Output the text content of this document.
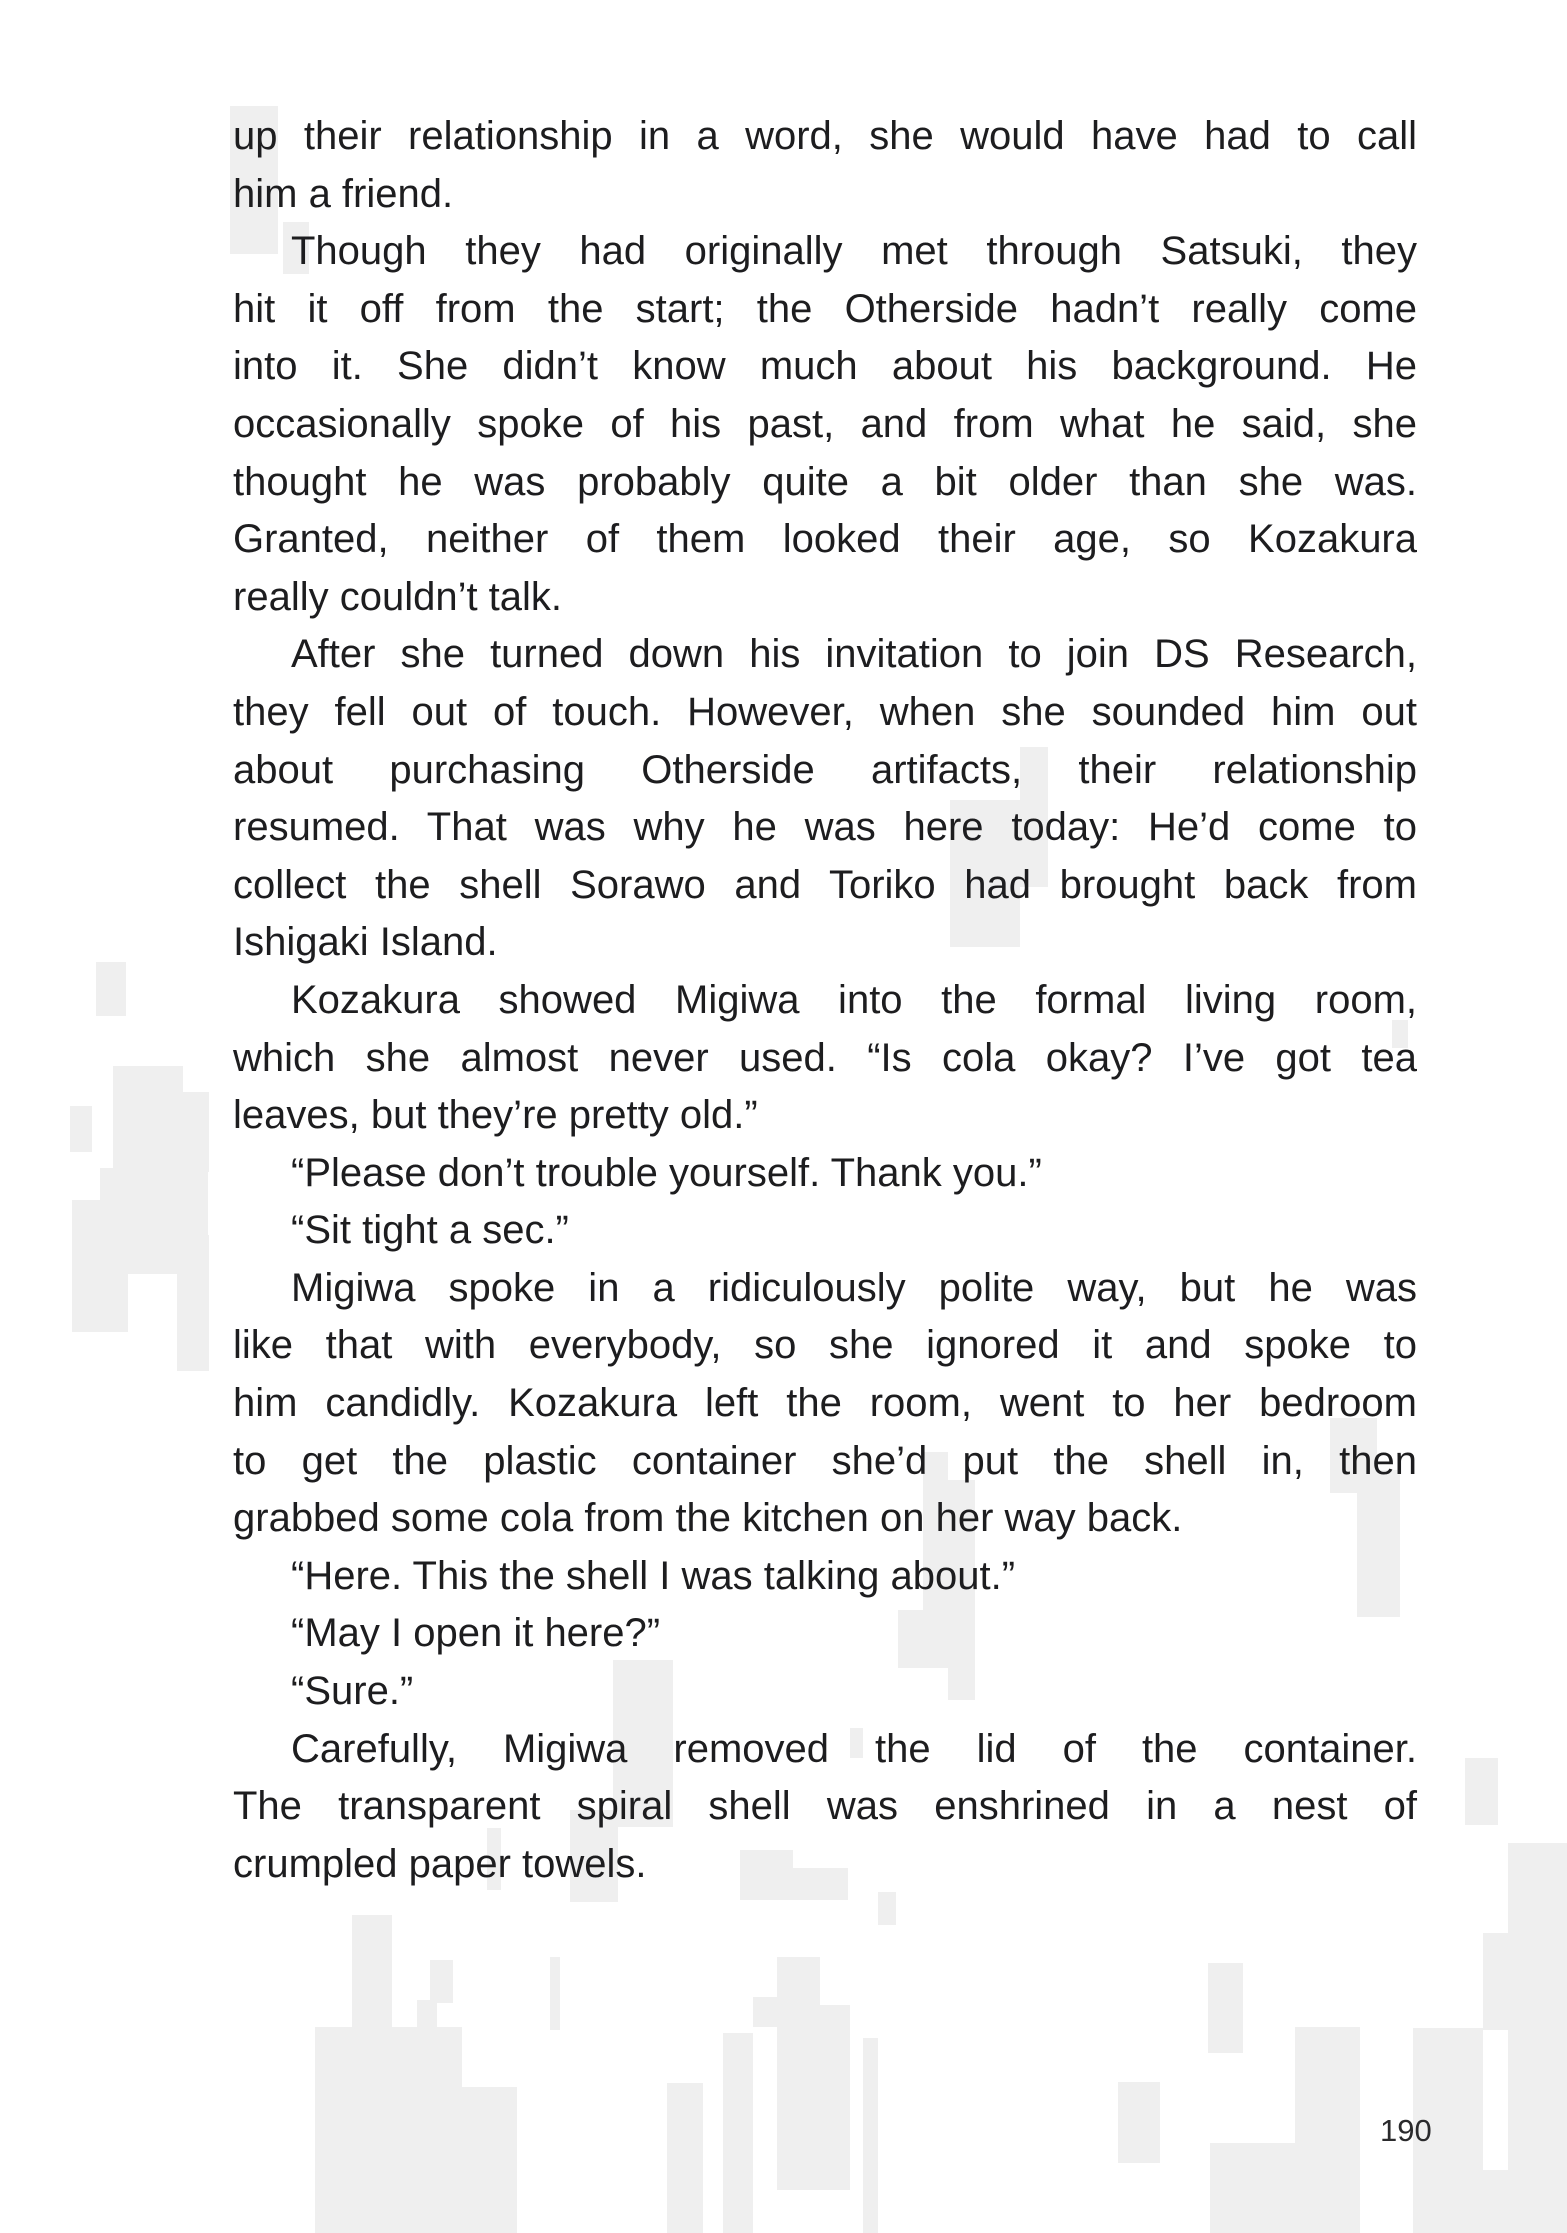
up their relationship in a word, she would have had to call
him a friend.
Though they had originally met through Satsuki, they
hit it off from the start; the Otherside hadn’t really come
into it. She didn’t know much about his background. He
occasionally spoke of his past, and from what he said, she
thought he was probably quite a bit older than she was.
Granted, neither of them looked their age, so Kozakura
really couldn’t talk.
After she turned down his invitation to join DS Research,
they fell out of touch. However, when she sounded him out
about purchasing Otherside artifacts, their relationship
resumed. That was why he was here today: He’d come to
collect the shell Sorawo and Toriko had brought back from
Ishigaki Island.
Kozakura showed Migiwa into the formal living room,
which she almost never used. “Is cola okay? I’ve got tea
leaves, but they’re pretty old.”
“Please don’t trouble yourself. Thank you.”
“Sit tight a sec.”
Migiwa spoke in a ridiculously polite way, but he was
like that with everybody, so she ignored it and spoke to
him candidly. Kozakura left the room, went to her bedroom
to get the plastic container she’d put the shell in, then
grabbed some cola from the kitchen on her way back.
“Here. This the shell I was talking about.”
“May I open it here?”
“Sure.”
Carefully, Migiwa removed the lid of the container.
The transparent spiral shell was enshrined in a nest of
crumpled paper towels.
190
